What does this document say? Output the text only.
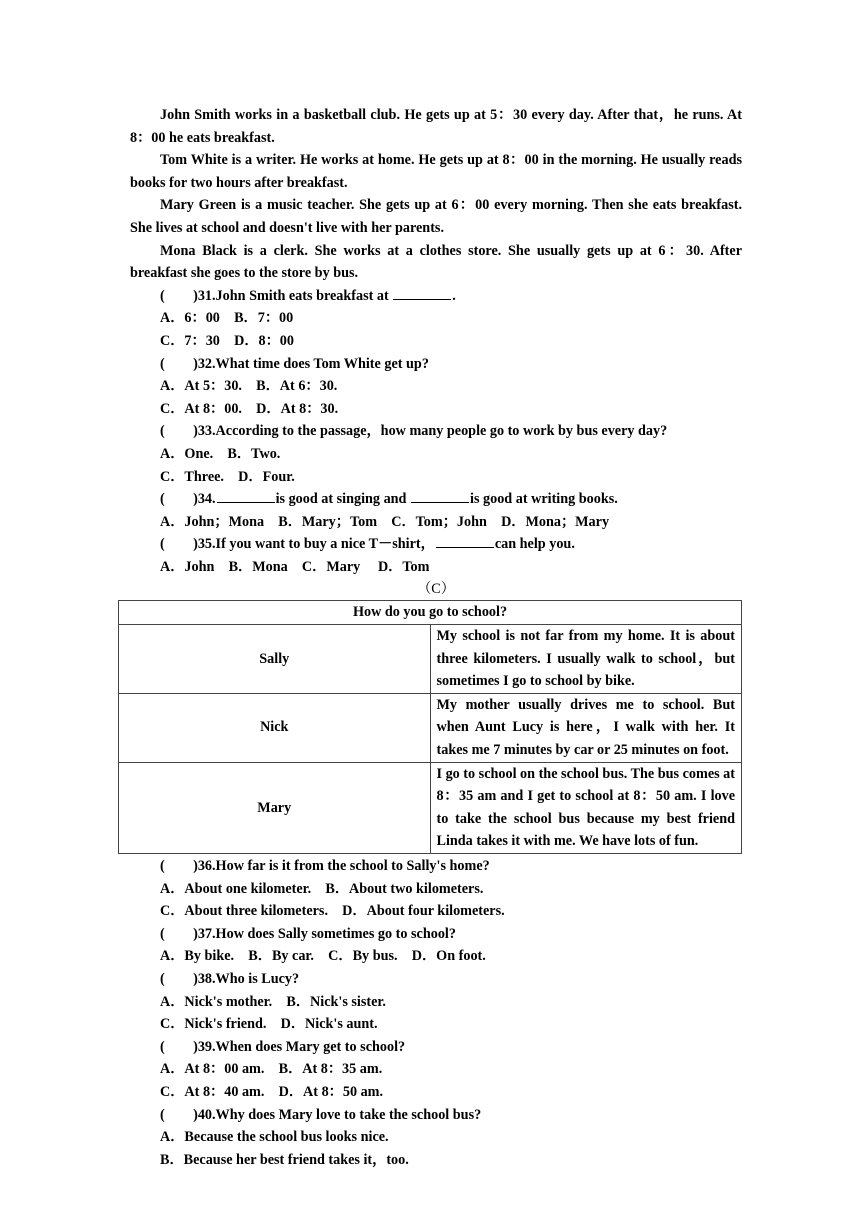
John Smith works in a basketball club. He gets up at 5：30 every day. After that，he runs. At 8：00 he eats breakfast.

Tom White is a writer. He works at home. He gets up at 8：00 in the morning. He usually reads books for two hours after breakfast.

Mary Green is a music teacher. She gets up at 6：00 every morning. Then she eats breakfast. She lives at school and doesn't live with her parents.

Mona Black is a clerk. She works at a clothes store. She usually gets up at 6：30. After breakfast she goes to the store by bus.

(　　)31.John Smith eats breakfast at	.
A．6：00　B．7：00
C．7：30　D．8：00
(　　)32.What time does Tom White get up?
A．At 5：30.　B．At 6：30.
C．At 8：00.　D．At 8：30.
(　　)33.According to the passage，how many people go to work by bus every day?
A．One.　B．Two.
C．Three.　D．Four.
(　　)34.	is good at singing and	is good at writing books.
A．John；Mona　B．Mary；Tom　C．Tom；John　D．Mona；Mary
(　　)35.If you want to buy a nice T－shirt，	can help you.
A．John　B．Mona　C．Mary　 D．Tom
（C）
How do you go to school?	
Sally	My school is not far from my home. It is about three kilometers. I usually walk to school，but sometimes I go to school by bike.
Nick	My mother usually drives me to school. But when Aunt Lucy is here，I walk with her. It takes me 7 minutes by car or 25 minutes on foot.
Mary	I go to school on the school bus. The bus comes at 8：35 am and I get to school at 8：50 am. I love to take the school bus because my best friend Linda takes it with me. We have lots of fun.
(　　)36.How far is it from the school to Sally's home?
A．About one kilometer.　B．About two kilometers.
C．About three kilometers.　D．About four kilometers.
(　　)37.How does Sally sometimes go to school?
A．By bike.　B．By car.　C．By bus.　D．On foot.
(　　)38.Who is Lucy?
A．Nick's mother.　B．Nick's sister.
C．Nick's friend.　D．Nick's aunt.
(　　)39.When does Mary get to school?
A．At 8：00 am.　B．At 8：35 am.
C．At 8：40 am.　D．At 8：50 am.
(　　)40.Why does Mary love to take the school bus?
A．Because the school bus looks nice.
B．Because her best friend takes it，too.
